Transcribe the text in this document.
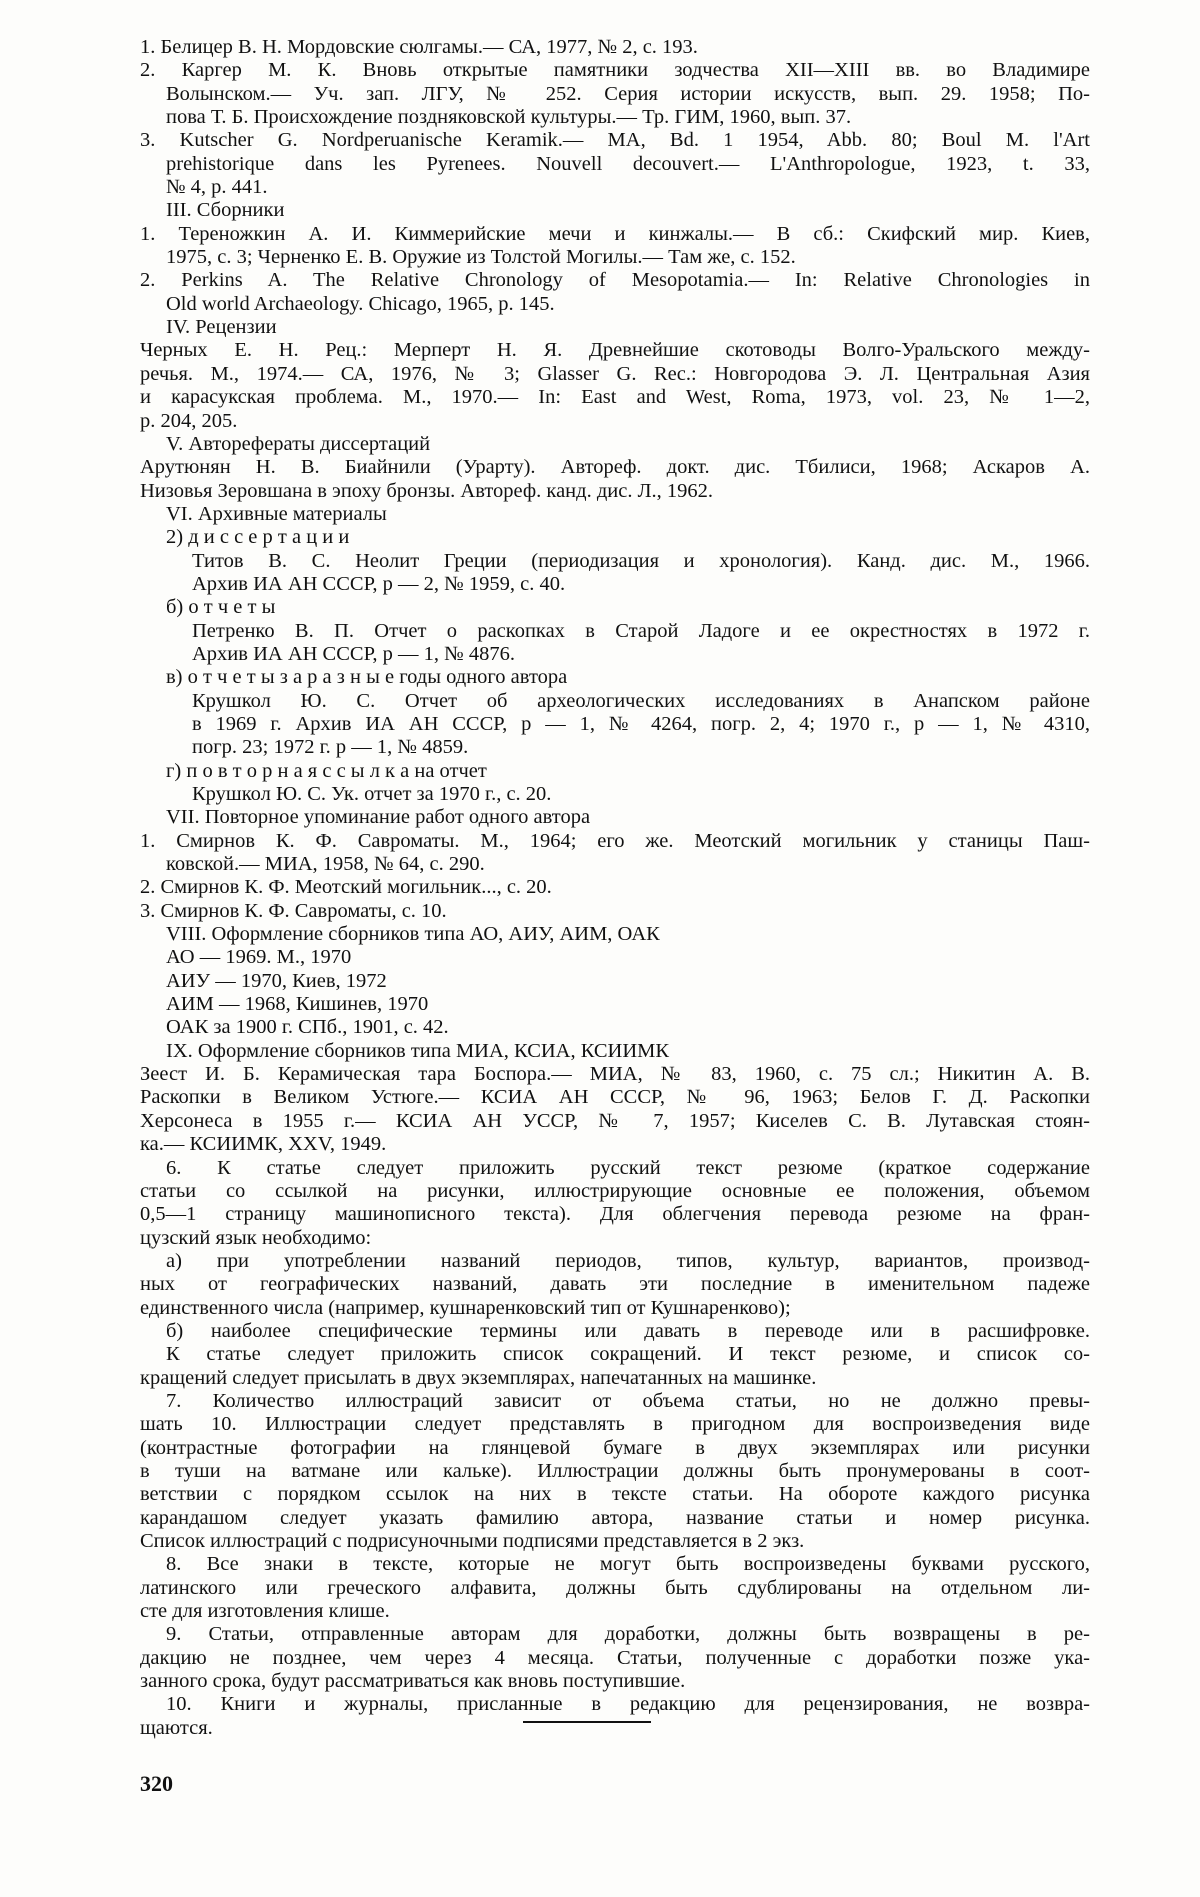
1. Белицер В. Н. Мордовские сюлгамы.— СА, 1977, № 2, с. 193.
2. Каргер М. К. Вновь открытые памятники зодчества XII—XIII вв. во Владимире
Волынском.— Уч. зап. ЛГУ, № 252. Серия истории искусств, вып. 29. 1958; По-
пова Т. Б. Происхождение поздняковской культуры.— Тр. ГИМ, 1960, вып. 37.
3. Kutscher G. Nordperuanische Keramik.— MA, Bd. 1 1954, Abb. 80; Boul M. l'Art
prehistorique dans les Pyrenees. Nouvell decouvert.— L'Anthropologue, 1923, t. 33,
№ 4, p. 441.
III. Сборники
1. Тереножкин А. И. Киммерийские мечи и кинжалы.— В сб.: Скифский мир. Киев,
1975, с. 3; Черненко Е. В. Оружие из Толстой Могилы.— Там же, с. 152.
2. Perkins A. The Relative Chronology of Mesopotamia.— In: Relative Chronologies in
Old world Archaeology. Chicago, 1965, p. 145.
IV. Рецензии
Черных Е. Н. Рец.: Мерперт Н. Я. Древнейшие скотоводы Волго-Уральского между-
речья. М., 1974.— СА, 1976, № 3; Glasser G. Rec.: Новгородова Э. Л. Центральная Азия
и карасукская проблема. М., 1970.— In: East and West, Roma, 1973, vol. 23, № 1—2,
p. 204, 205.
V. Авторефераты диссертаций
Арутюнян Н. В. Биайнили (Урарту). Автореф. докт. дис. Тбилиси, 1968; Аскаров А.
Низовья Зеровшана в эпоху бронзы. Автореф. канд. дис. Л., 1962.
VI. Архивные материалы
2) д и с с е р т а ц и и
Титов В. С. Неолит Греции (периодизация и хронология). Канд. дис. М., 1966.
Архив ИА АН СССР, р — 2, № 1959, с. 40.
б) о т ч е т ы
Петренко В. П. Отчет о раскопках в Старой Ладоге и ее окрестностях в 1972 г.
Архив ИА АН СССР, р — 1, № 4876.
в) о т ч е т ы з а р а з н ы е годы одного автора
Крушкол Ю. С. Отчет об археологических исследованиях в Анапском районе
в 1969 г. Архив ИА АН СССР, р — 1, № 4264, погр. 2, 4; 1970 г., р — 1, № 4310,
погр. 23; 1972 г. р — 1, № 4859.
г) п о в т о р н а я с с ы л к а на отчет
Крушкол Ю. С. Ук. отчет за 1970 г., с. 20.
VII. Повторное упоминание работ одного автора
1. Смирнов К. Ф. Савроматы. М., 1964; его же. Меотский могильник у станицы Паш-
ковской.— МИА, 1958, № 64, с. 290.
2. Смирнов К. Ф. Меотский могильник..., с. 20.
3. Смирнов К. Ф. Савроматы, с. 10.
VIII. Оформление сборников типа АО, АИУ, АИМ, ОАК
АО — 1969. М., 1970
АИУ — 1970, Киев, 1972
АИМ — 1968, Кишинев, 1970
ОАК за 1900 г. СПб., 1901, с. 42.
IX. Оформление сборников типа МИА, КСИА, КСИИМК
Зеест И. Б. Керамическая тара Боспора.— МИА, № 83, 1960, с. 75 сл.; Никитин А. В.
Раскопки в Великом Устюге.— КСИА АН СССР, № 96, 1963; Белов Г. Д. Раскопки
Херсонеса в 1955 г.— КСИА АН УССР, № 7, 1957; Киселев С. В. Лутавская стоян-
ка.— КСИИМК, XXV, 1949.
6. К статье следует приложить русский текст резюме (краткое содержание
статьи со ссылкой на рисунки, иллюстрирующие основные ее положения, объемом
0,5—1 страницу машинописного текста). Для облегчения перевода резюме на фран-
цузский язык необходимо:
а) при употреблении названий периодов, типов, культур, вариантов, производ-
ных от географических названий, давать эти последние в именительном падеже
единственного числа (например, кушнаренковский тип от Кушнаренково);
б) наиболее специфические термины или давать в переводе или в расшифровке.
К статье следует приложить список сокращений. И текст резюме, и список со-
кращений следует присылать в двух экземплярах, напечатанных на машинке.
7. Количество иллюстраций зависит от объема статьи, но не должно превы-
шать 10. Иллюстрации следует представлять в пригодном для воспроизведения виде
(контрастные фотографии на глянцевой бумаге в двух экземплярах или рисунки
в туши на ватмане или кальке). Иллюстрации должны быть пронумерованы в соот-
ветствии с порядком ссылок на них в тексте статьи. На обороте каждого рисунка
карандашом следует указать фамилию автора, название статьи и номер рисунка.
Список иллюстраций с подрисуночными подписями представляется в 2 экз.
8. Все знаки в тексте, которые не могут быть воспроизведены буквами русского,
латинского или греческого алфавита, должны быть сдублированы на отдельном ли-
сте для изготовления клише.
9. Статьи, отправленные авторам для доработки, должны быть возвращены в ре-
дакцию не позднее, чем через 4 месяца. Статьи, полученные с доработки позже ука-
занного срока, будут рассматриваться как вновь поступившие.
10. Книги и журналы, присланные в редакцию для рецензирования, не возвра-
щаются.
320
